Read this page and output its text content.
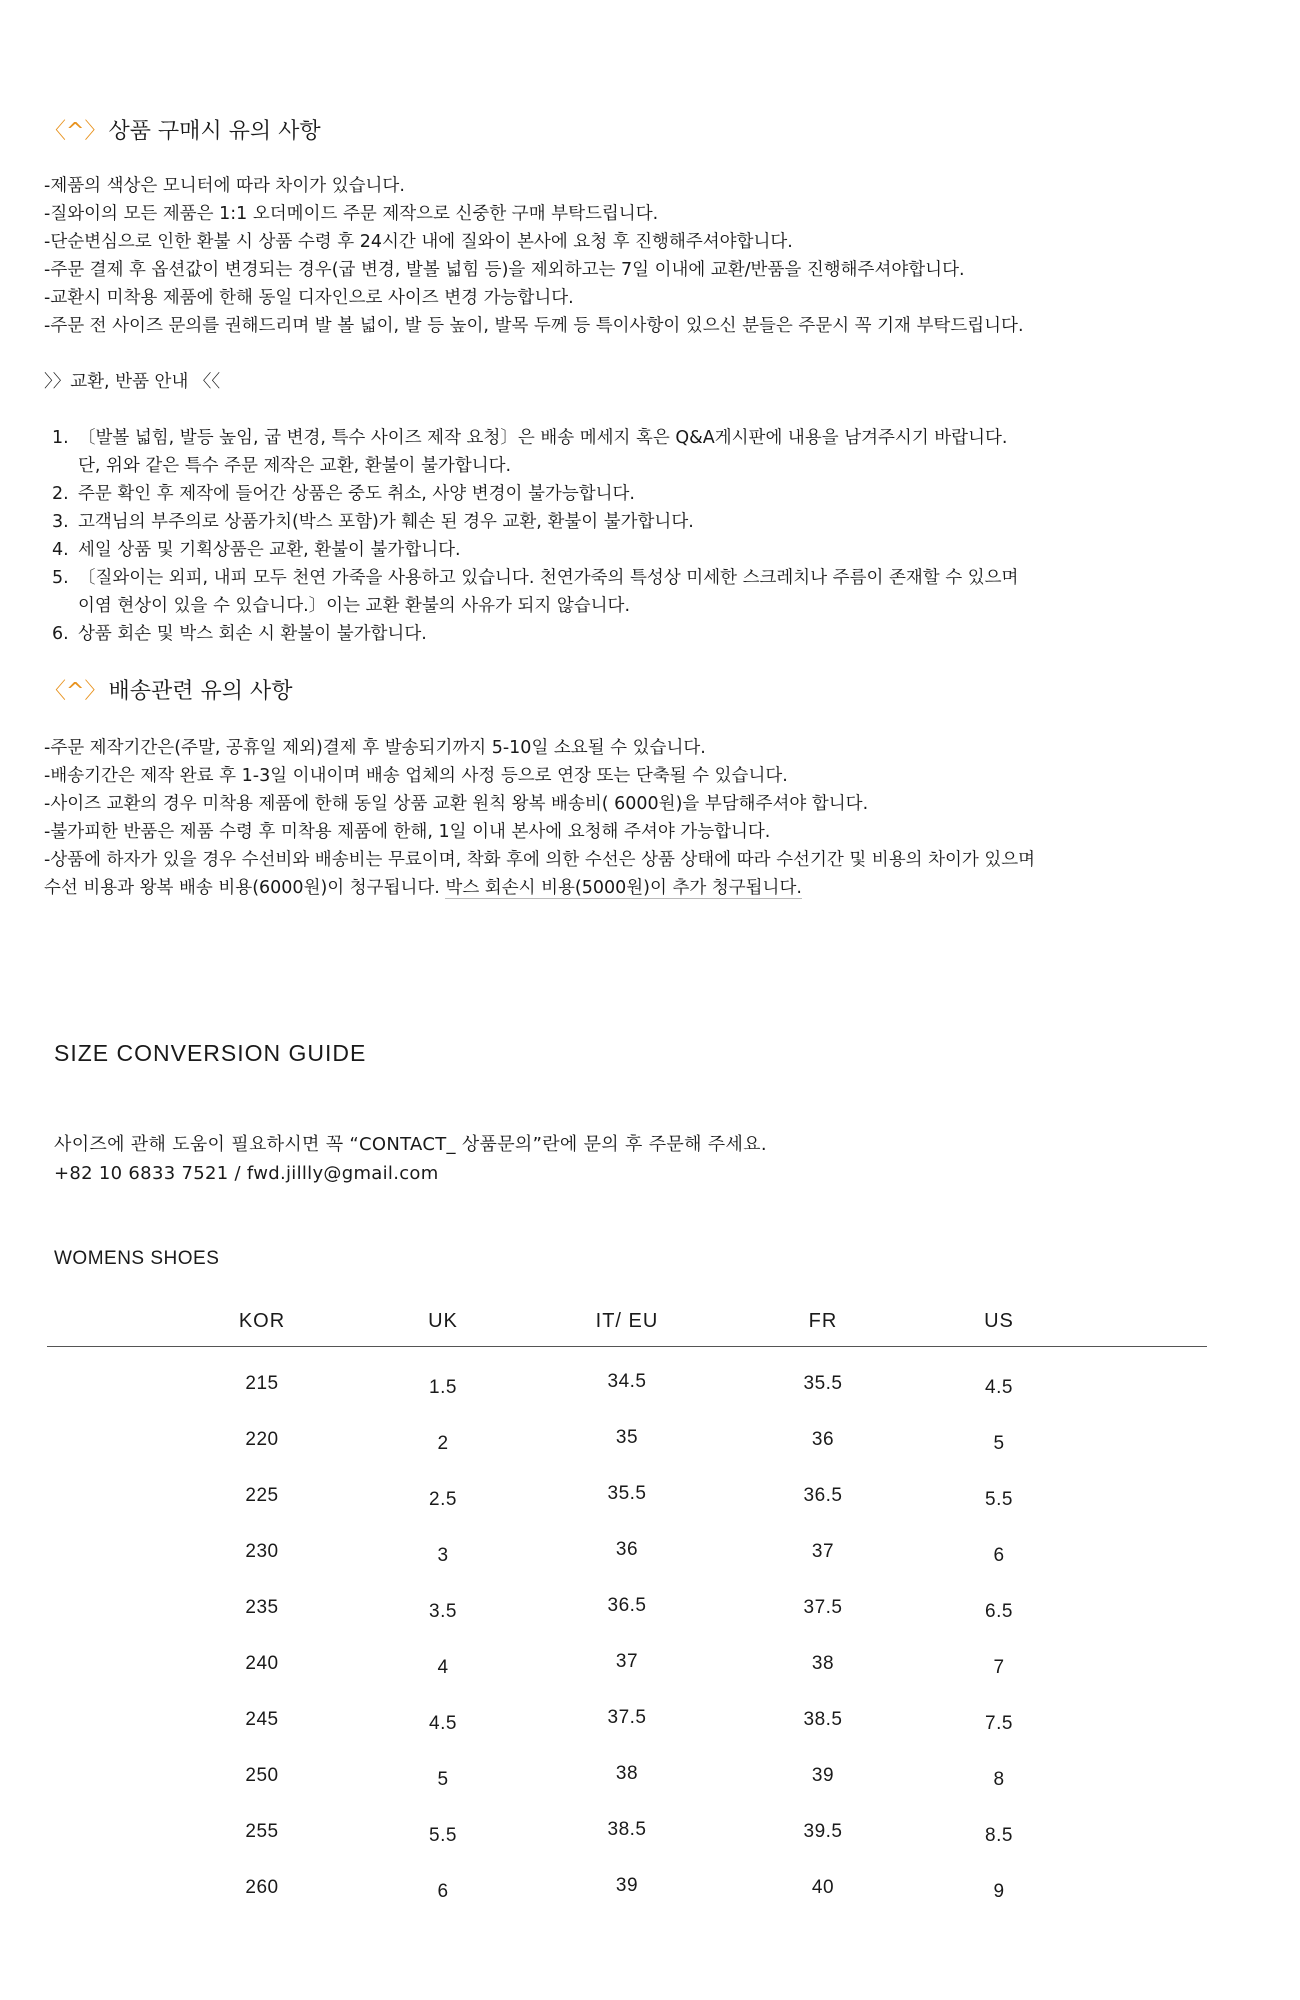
〈^〉 상품 구매시 유의 사항
-제품의 색상은 모니터에 따라 차이가 있습니다.
-질와이의 모든 제품은 1:1 오더메이드 주문 제작으로 신중한 구매 부탁드립니다.
-단순변심으로 인한 환불 시 상품 수령 후 24시간 내에 질와이 본사에 요청 후 진행해주셔야합니다.
-주문 결제 후 옵션값이 변경되는 경우(굽 변경, 발볼 넓힘 등)을 제외하고는 7일 이내에 교환/반품을 진행해주셔야합니다.
-교환시 미착용 제품에 한해 동일 디자인으로 사이즈 변경 가능합니다.
-주문 전 사이즈 문의를 권해드리며 발 볼 넓이, 발 등 높이, 발목 두께 등 특이사항이 있으신 분들은 주문시 꼭 기재 부탁드립니다.
〉〉교환, 반품 안내 〈〈
1. 〔발볼 넓힘, 발등 높임, 굽 변경, 특수 사이즈 제작 요청〕은 배송 메세지 혹은 Q&A게시판에 내용을 남겨주시기 바랍니다.
단, 위와 같은 특수 주문 제작은 교환, 환불이 불가합니다.
2. 주문 확인 후 제작에 들어간 상품은 중도 취소, 사양 변경이 불가능합니다.
3. 고객님의 부주의로 상품가치(박스 포함)가 훼손 된 경우 교환, 환불이 불가합니다.
4. 세일 상품 및 기획상품은 교환, 환불이 불가합니다.
5. 〔질와이는 외피, 내피 모두 천연 가죽을 사용하고 있습니다. 천연가죽의 특성상 미세한 스크레치나 주름이 존재할 수 있으며
이염 현상이 있을 수 있습니다.〕이는 교환 환불의 사유가 되지 않습니다.
6. 상품 회손 및 박스 회손 시 환불이 불가합니다.
〈^〉 배송관련 유의 사항
-주문 제작기간은(주말, 공휴일 제외)결제 후 발송되기까지 5-10일 소요될 수 있습니다.
-배송기간은 제작 완료 후 1-3일 이내이며 배송 업체의 사정 등으로 연장 또는 단축될 수 있습니다.
-사이즈 교환의 경우 미착용 제품에 한해 동일 상품 교환 원칙 왕복 배송비( 6000원)을 부담해주셔야 합니다.
-불가피한 반품은 제품 수령 후 미착용 제품에 한해, 1일 이내 본사에 요청해 주셔야 가능합니다.
-상품에 하자가 있을 경우 수선비와 배송비는 무료이며, 착화 후에 의한 수선은 상품 상태에 따라 수선기간 및 비용의 차이가 있으며
수선 비용과 왕복 배송 비용(6000원)이 청구됩니다. 박스 회손시 비용(5000원)이 추가 청구됩니다.
SIZE CONVERSION GUIDE
사이즈에 관해 도움이 필요하시면 꼭 “CONTACT_ 상품문의”란에 문의 후 주문해 주세요.
+82 10 6833 7521 / fwd.jillly@gmail.com
WOMENS SHOES
KOR	UK	IT/ EU	FR	US
215	1.5	34.5	35.5	4.5
220	2	35	36	5
225	2.5	35.5	36.5	5.5
230	3	36	37	6
235	3.5	36.5	37.5	6.5
240	4	37	38	7
245	4.5	37.5	38.5	7.5
250	5	38	39	8
255	5.5	38.5	39.5	8.5
260	6	39	40	9
